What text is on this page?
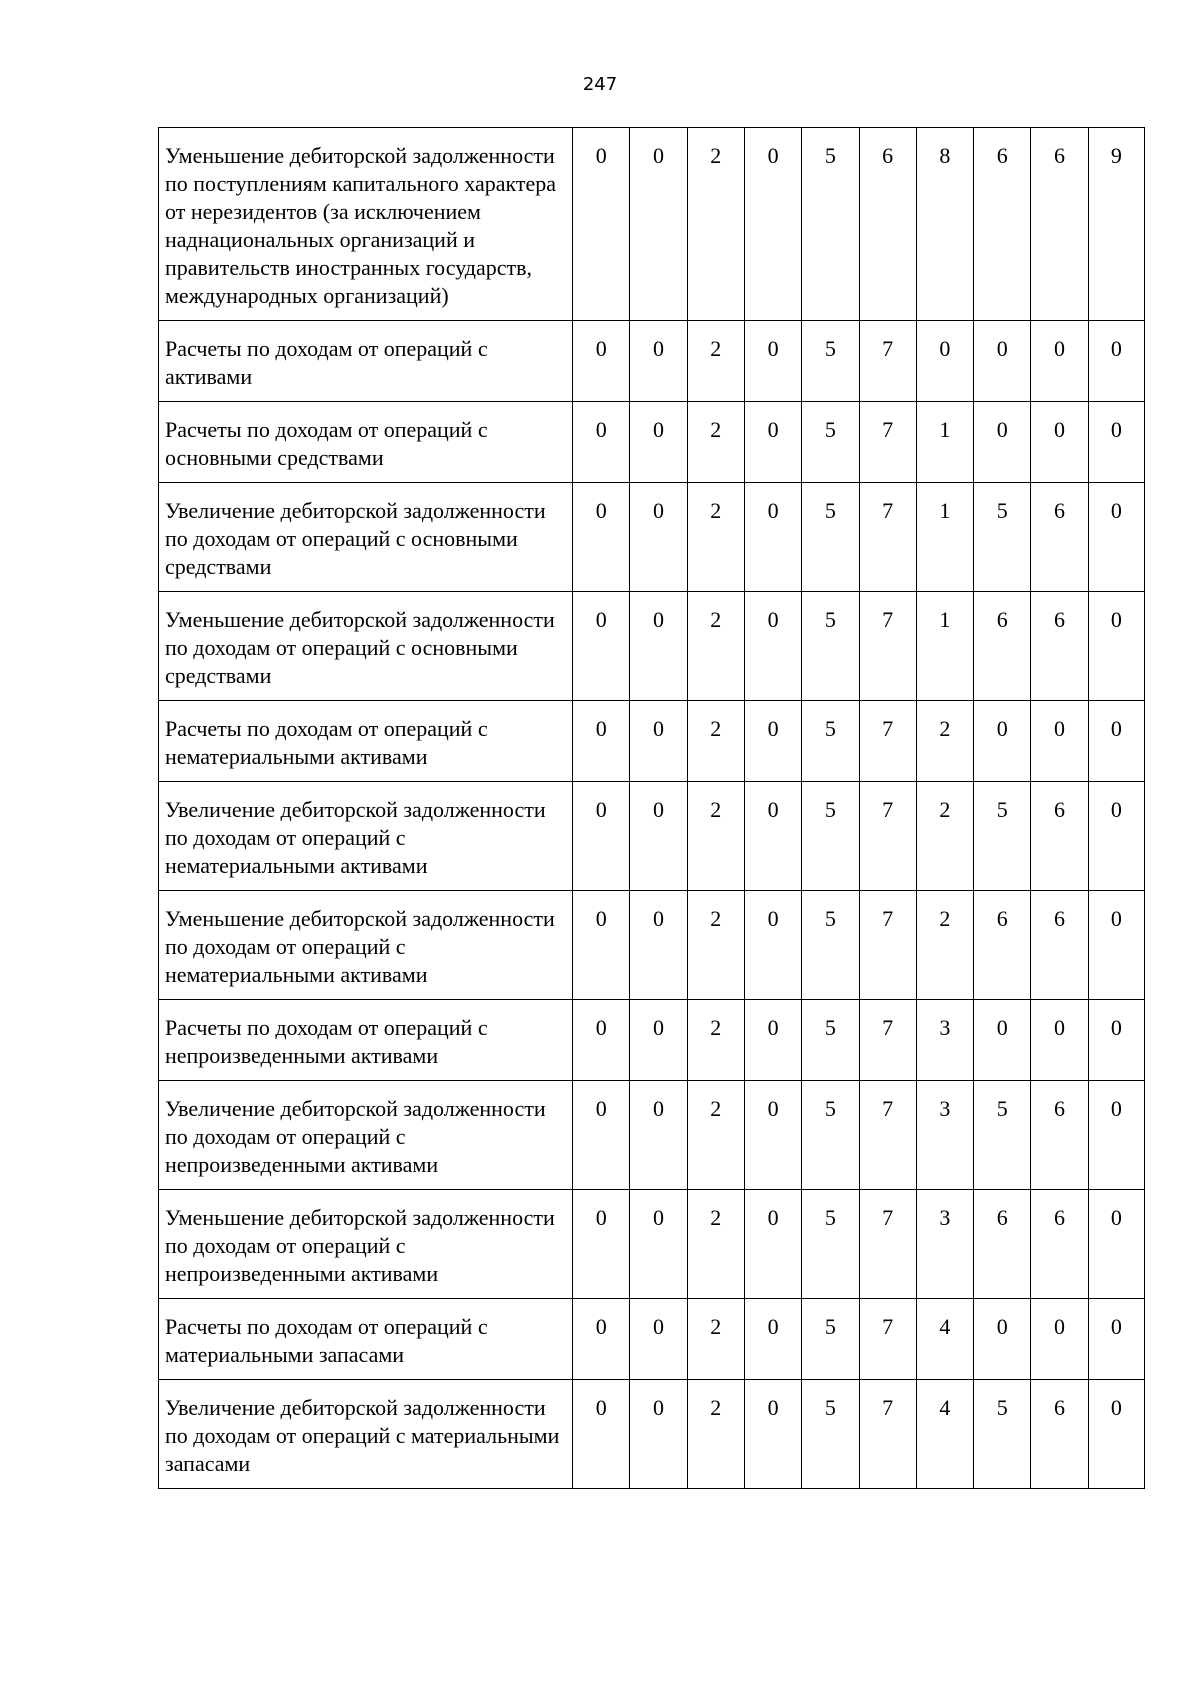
247
Уменьшение дебиторской задолженности по поступлениям капитального характера от нерезидентов (за исключением наднациональных организаций и правительств иностранных государств, международных организаций)	0	0	2	0	5	6	8	6	6	9
Расчеты по доходам от операций с активами	0	0	2	0	5	7	0	0	0	0
Расчеты по доходам от операций с основными средствами	0	0	2	0	5	7	1	0	0	0
Увеличение дебиторской задолженности по доходам от операций с основными средствами	0	0	2	0	5	7	1	5	6	0
Уменьшение дебиторской задолженности по доходам от операций с основными средствами	0	0	2	0	5	7	1	6	6	0
Расчеты по доходам от операций с нематериальными активами	0	0	2	0	5	7	2	0	0	0
Увеличение дебиторской задолженности по доходам от операций с нематериальными активами	0	0	2	0	5	7	2	5	6	0
Уменьшение дебиторской задолженности по доходам от операций с нематериальными активами	0	0	2	0	5	7	2	6	6	0
Расчеты по доходам от операций с непроизведенными активами	0	0	2	0	5	7	3	0	0	0
Увеличение дебиторской задолженности по доходам от операций с непроизведенными активами	0	0	2	0	5	7	3	5	6	0
Уменьшение дебиторской задолженности по доходам от операций с непроизведенными активами	0	0	2	0	5	7	3	6	6	0
Расчеты по доходам от операций с материальными запасами	0	0	2	0	5	7	4	0	0	0
Увеличение дебиторской задолженности по доходам от операций с материальными запасами	0	0	2	0	5	7	4	5	6	0
